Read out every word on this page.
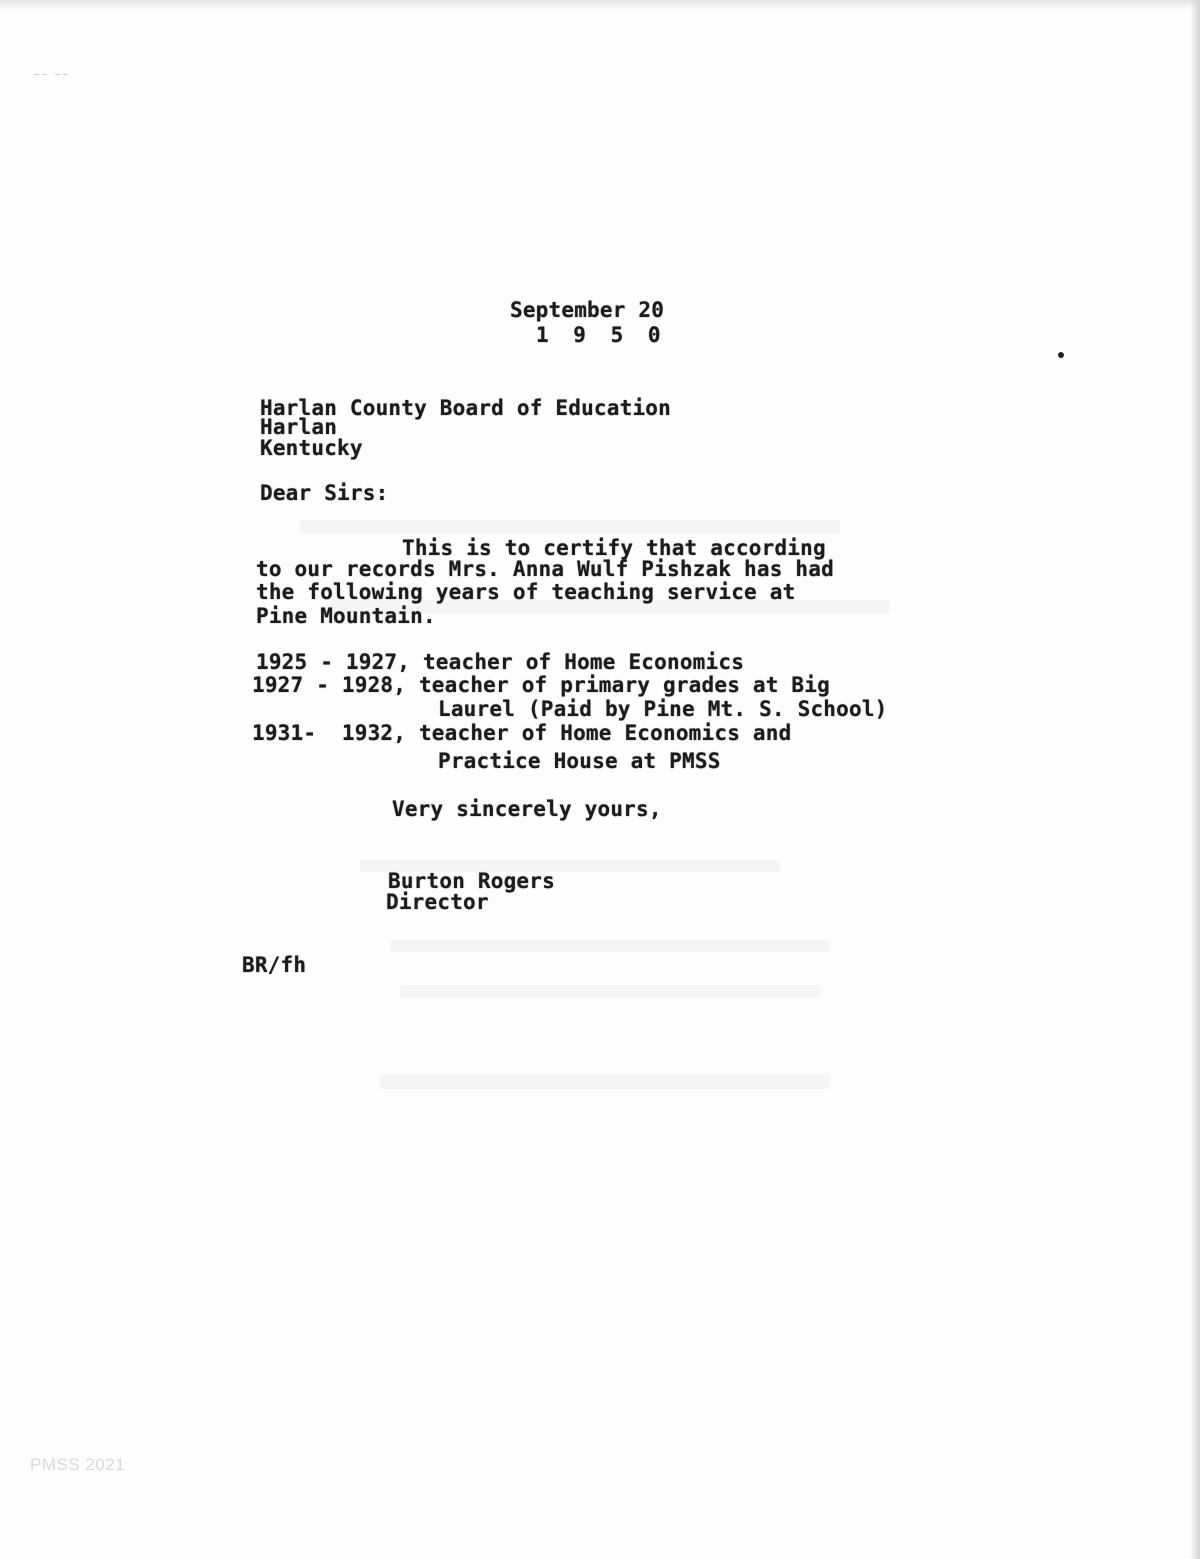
~~ ~~
September 20
1 9 5 0
Harlan County Board of Education
Harlan
Kentucky
Dear Sirs:
This is to certify that according
to our records Mrs. Anna Wulf Pishzak has had
the following years of teaching service at
Pine Mountain.
1925 - 1927, teacher of Home Economics
1927 - 1928, teacher of primary grades at Big
Laurel (Paid by Pine Mt. S. School)
1931-  1932, teacher of Home Economics and
Practice House at PMSS
Very sincerely yours,
Burton Rogers
Director
BR/fh
PMSS 2021
